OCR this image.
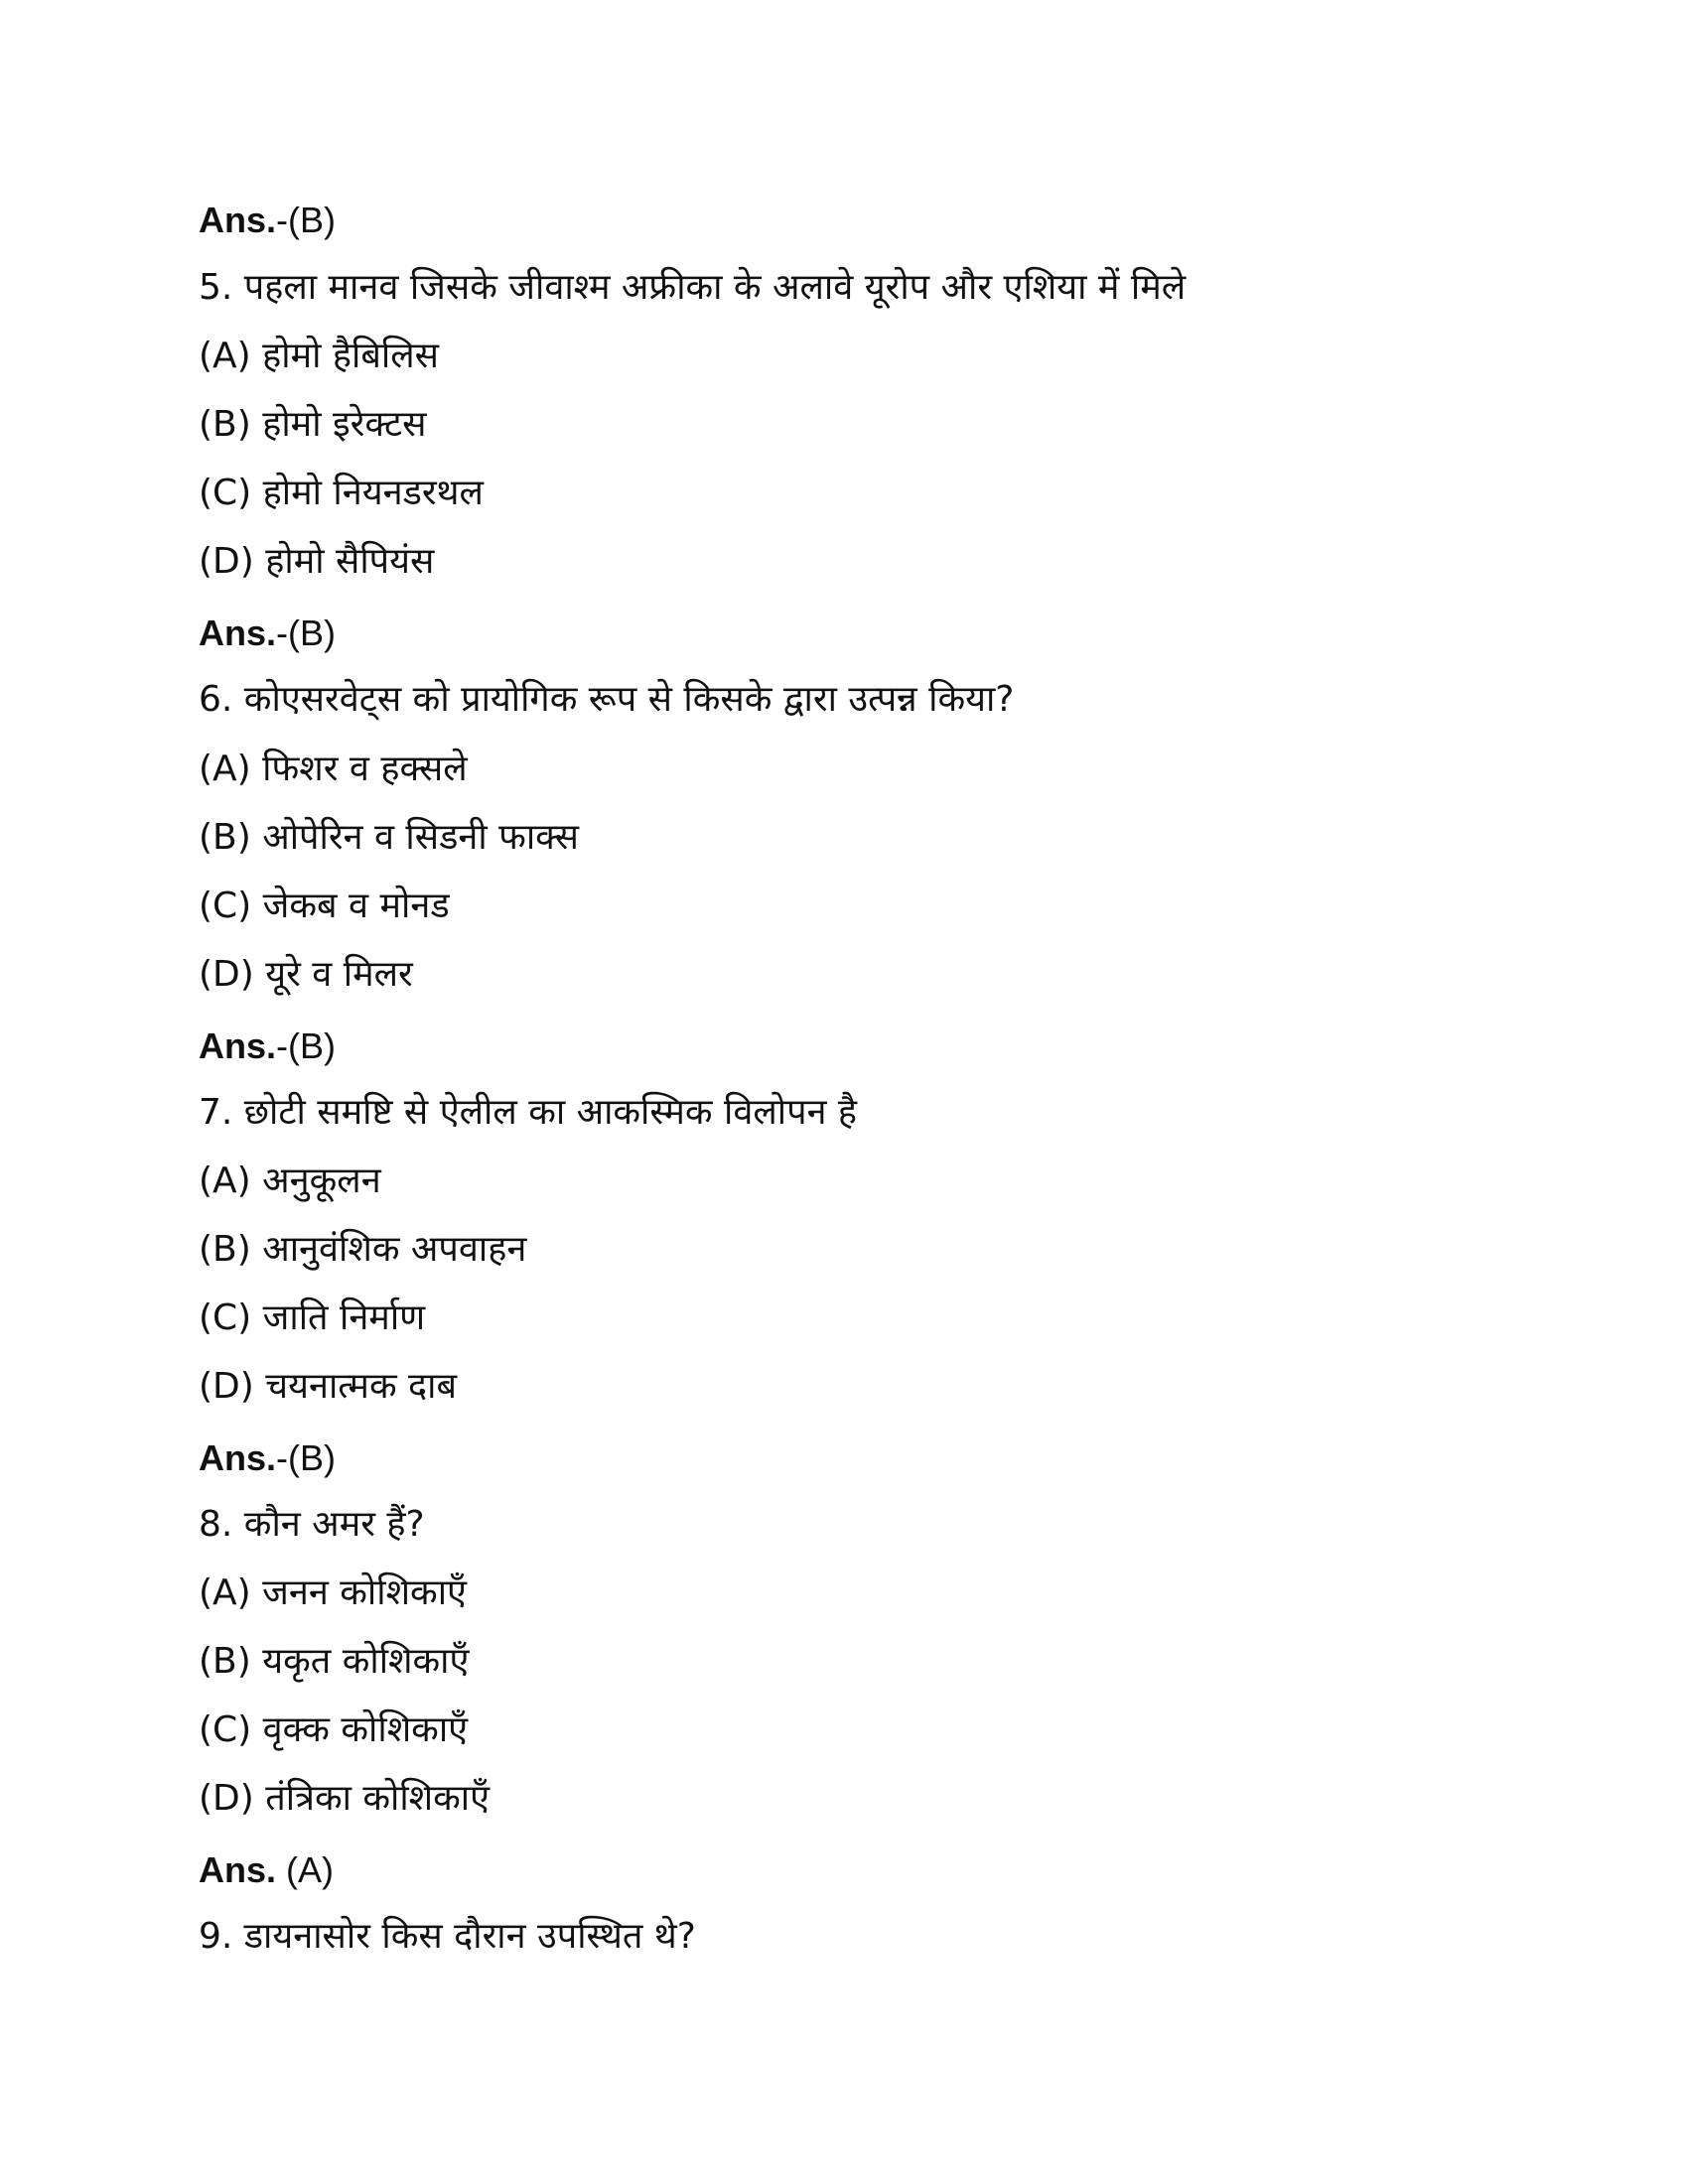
Ans.-(B)
5. पहला मानव जिसके जीवाश्म अफ्रीका के अलावे यूरोप और एशिया में मिले
(A) होमो हैबिलिस
(B) होमो इरेक्टस
(C) होमो नियनडरथल
(D) होमो सैपियंस
Ans.-(B)
6. कोएसरवेट्स को प्रायोगिक रूप से किसके द्वारा उत्पन्न किया?
(A) फिशर व हक्सले
(B) ओपेरिन व सिडनी फाक्स
(C) जेकब व मोनड
(D) यूरे व मिलर
Ans.-(B)
7. छोटी समष्टि से ऐलील का आकस्मिक विलोपन है
(A) अनुकूलन
(B) आनुवंशिक अपवाहन
(C) जाति निर्माण
(D) चयनात्मक दाब
Ans.-(B)
8. कौन अमर हैं?
(A) जनन कोशिकाएँ
(B) यकृत कोशिकाएँ
(C) वृक्क कोशिकाएँ
(D) तंत्रिका कोशिकाएँ
Ans. (A)
9. डायनासोर किस दौरान उपस्थित थे?
